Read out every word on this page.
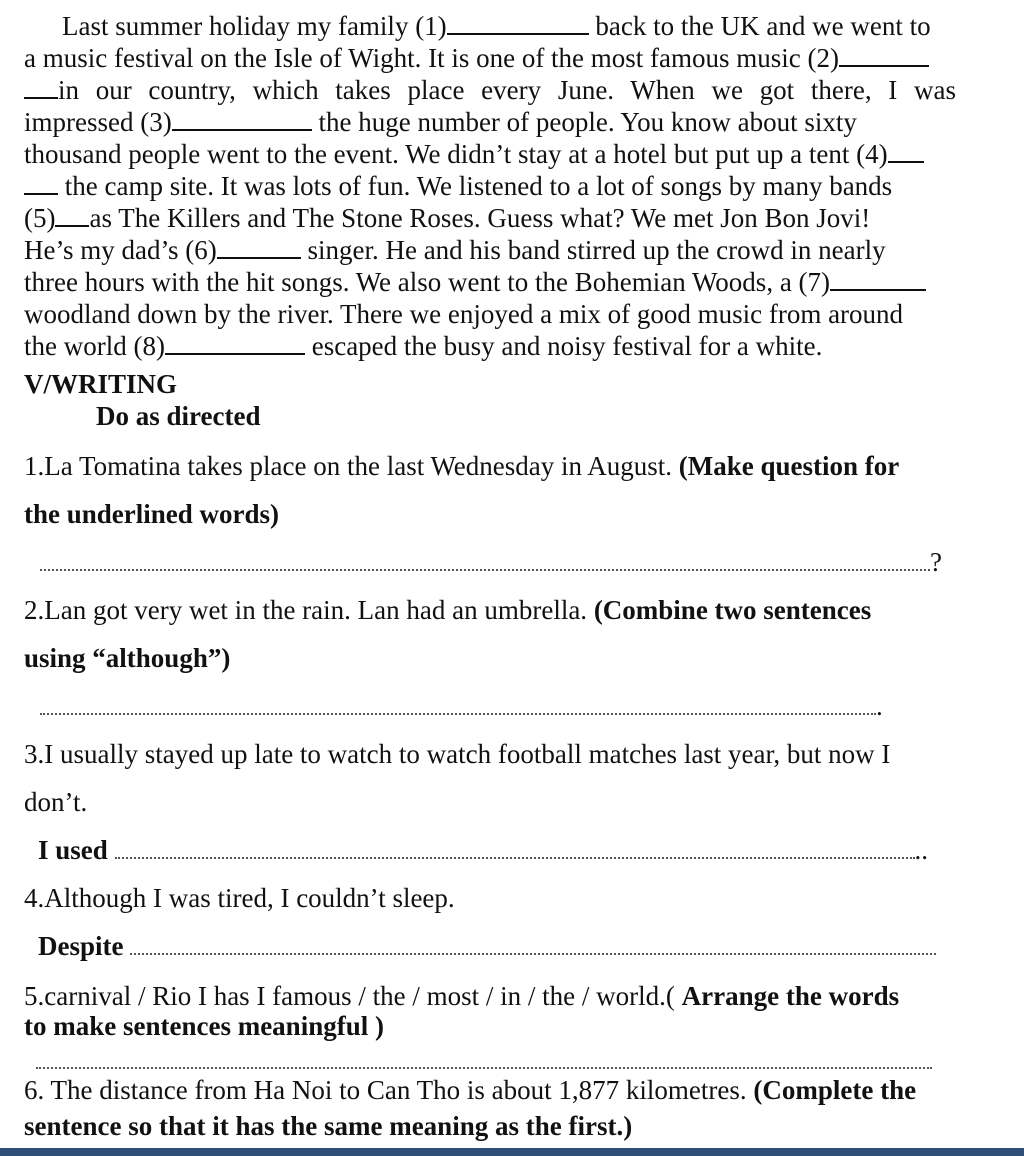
Last summer holiday my family (1)	back to the UK and we went to
a music festival on the Isle of Wight. It is one of the most famous music (2)
in our country, which takes place every June. When we got there, I was
impressed (3)	the huge number of people. You know about sixty
thousand people went to the event. We didn’t stay at a hotel but put up a tent (4)
the camp site. It was lots of fun. We listened to a lot of songs by many bands
(5) as The Killers and The Stone Roses. Guess what? We met Jon Bon Jovi!
He’s my dad’s (6)	singer. He and his band stirred up the crowd in nearly
three hours with the hit songs. We also went to the Bohemian Woods, a (7)
woodland down by the river. There we enjoyed a mix of good music from around
the world (8)	escaped the busy and noisy festival for a white.
V/WRITING
Do as directed
1.La Tomatina takes place on the last Wednesday in August. (Make question for
the underlined words)
?
2.Lan got very wet in the rain. Lan had an umbrella. (Combine two sentences
using “although”)
.
3.I usually stayed up late to watch to watch football matches last year, but now I
don’t.
I used	..
4.Although I was tired, I couldn’t sleep.
Despite
5.carnival / Rio I has I famous / the / most / in / the / world.( Arrange the words
to make sentences meaningful )
6. The distance from Ha Noi to Can Tho is about 1,877 kilometres. (Complete the
sentence so that it has the same meaning as the first.)
